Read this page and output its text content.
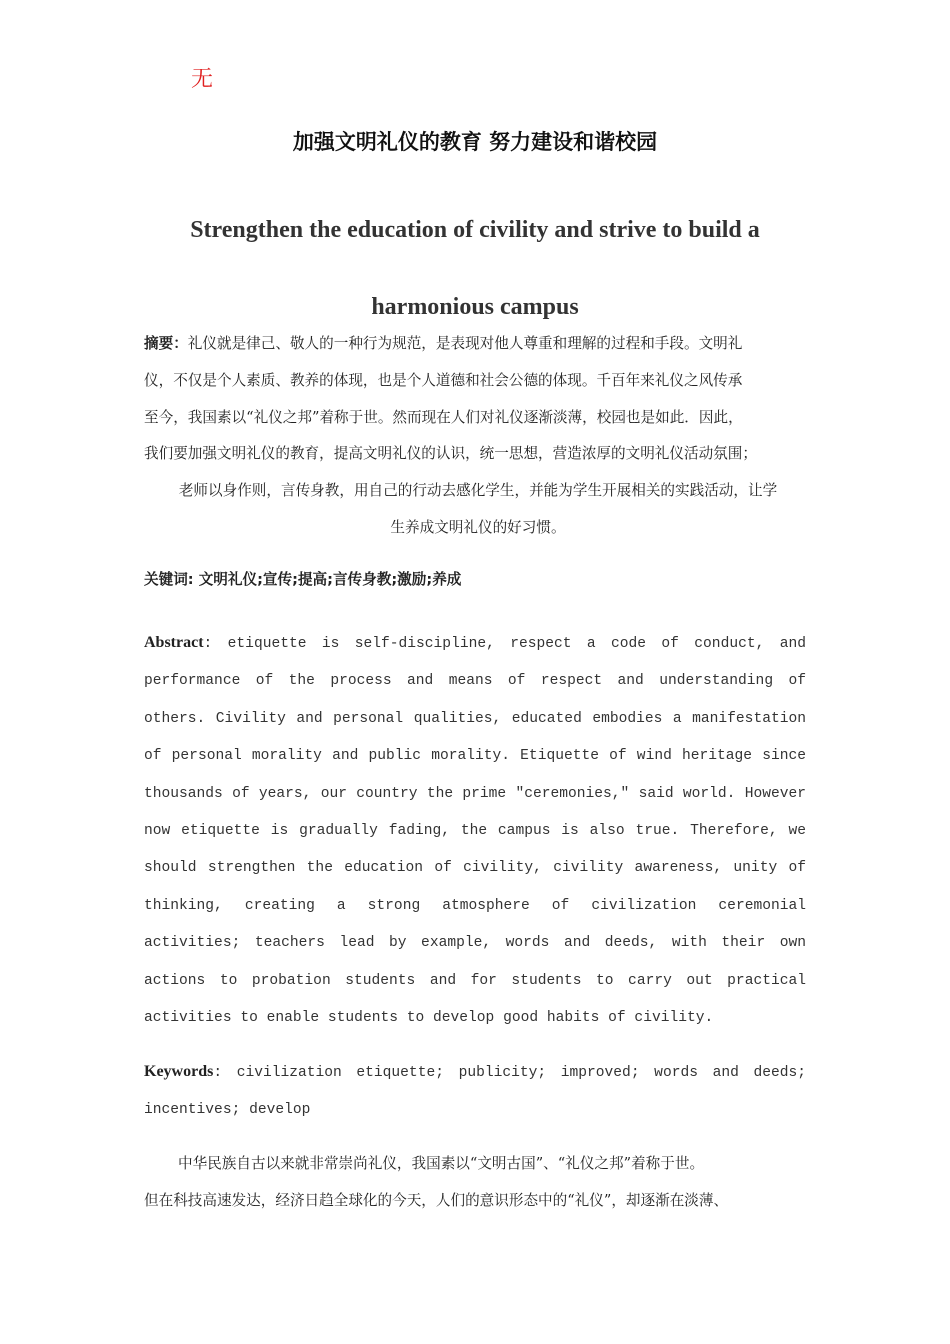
无
加强文明礼仪的教育 努力建设和谐校园
Strengthen the education of civility and strive to build a harmonious campus
摘要：礼仪就是律己、敬人的一种行为规范，是表现对他人尊重和理解的过程和手段。文明礼
仪，不仅是个人素质、教养的体现，也是个人道德和社会公德的体现。千百年来礼仪之风传承
至今，我国素以“礼仪之邦”着称于世。然而现在人们对礼仪逐渐淡薄，校园也是如此．因此，
我们要加强文明礼仪的教育，提高文明礼仪的认识，统一思想，营造浓厚的文明礼仪活动氛围；
老师以身作则，言传身教，用自己的行动去感化学生，并能为学生开展相关的实践活动，让学
生养成文明礼仪的好习惯。
关键词: 文明礼仪;宣传;提高;言传身教;激励;养成
Abstract: etiquette is self-discipline, respect a code of conduct, and performance of the process and means of respect and understanding of others. Civility and personal qualities, educated embodies a manifestation of personal morality and public morality. Etiquette of wind heritage since thousands of years, our country the prime "ceremonies," said world. However now etiquette is gradually fading, the campus is also true. Therefore, we should strengthen the education of civility, civility awareness, unity of thinking, creating a strong atmosphere of civilization ceremonial activities; teachers lead by example, words and deeds, with their own actions to probation students and for students to carry out practical activities to enable students to develop good habits of civility.
Keywords: civilization etiquette; publicity; improved; words and deeds; incentives; develop
中华民族自古以来就非常崇尚礼仪，我国素以“文明古国”、“礼仪之邦”着称于世。
但在科技高速发达，经济日趋全球化的今天，人们的意识形态中的“礼仪”，却逐渐在淡薄、
